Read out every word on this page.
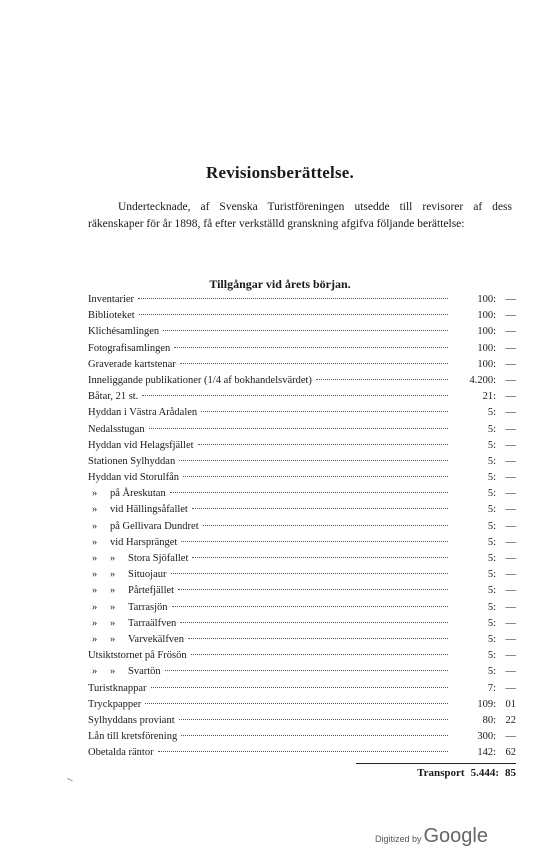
Revisionsberättelse.
Undertecknade, af Svenska Turistföreningen utsedde till revisorer af dess räkenskaper för år 1898, få efter verkställd granskning afgifva följande berättelse:
Tillgångar vid årets början.
Inventarier	100: —
Biblioteket	100: —
Klichésamlingen	100: —
Fotografisamlingen	100: —
Graverade kartstenar	100: —
Inneliggande publikationer (1/4 af bokhandelsvärdet)	4.200: —
Båtar, 21 st.	21: —
Hyddan i Västra Arådalen	5: —
Nedalsstugan	5: —
Hyddan vid Helagsfjället	5: —
Stationen Sylhyddan	5: —
Hyddan vid Storulfån	5: —
»	på Åreskutan	5: —
»	vid Hällingsåfallet	5: —
»	på Gellivara Dundret	5: —
»	vid Harspränget	5: —
»	»	Stora Sjöfallet	5: —
»	»	Situojaur	5: —
»	»	Pårtefjället	5: —
»	»	Tarrasjön	5: —
»	»	Tarraälfven	5: —
»	»	Varvekälfven	5: —
Utsiktstornet på Frösön	5: —
»	»	Svartön	5: —
Turistknappar	7: —
Tryckpapper	109: 01
Sylhyddans proviant	80: 22
Lån till kretsförening	300: —
Obetalda räntor	142: 62
Transport 5.444: 85
Digitized by Google
